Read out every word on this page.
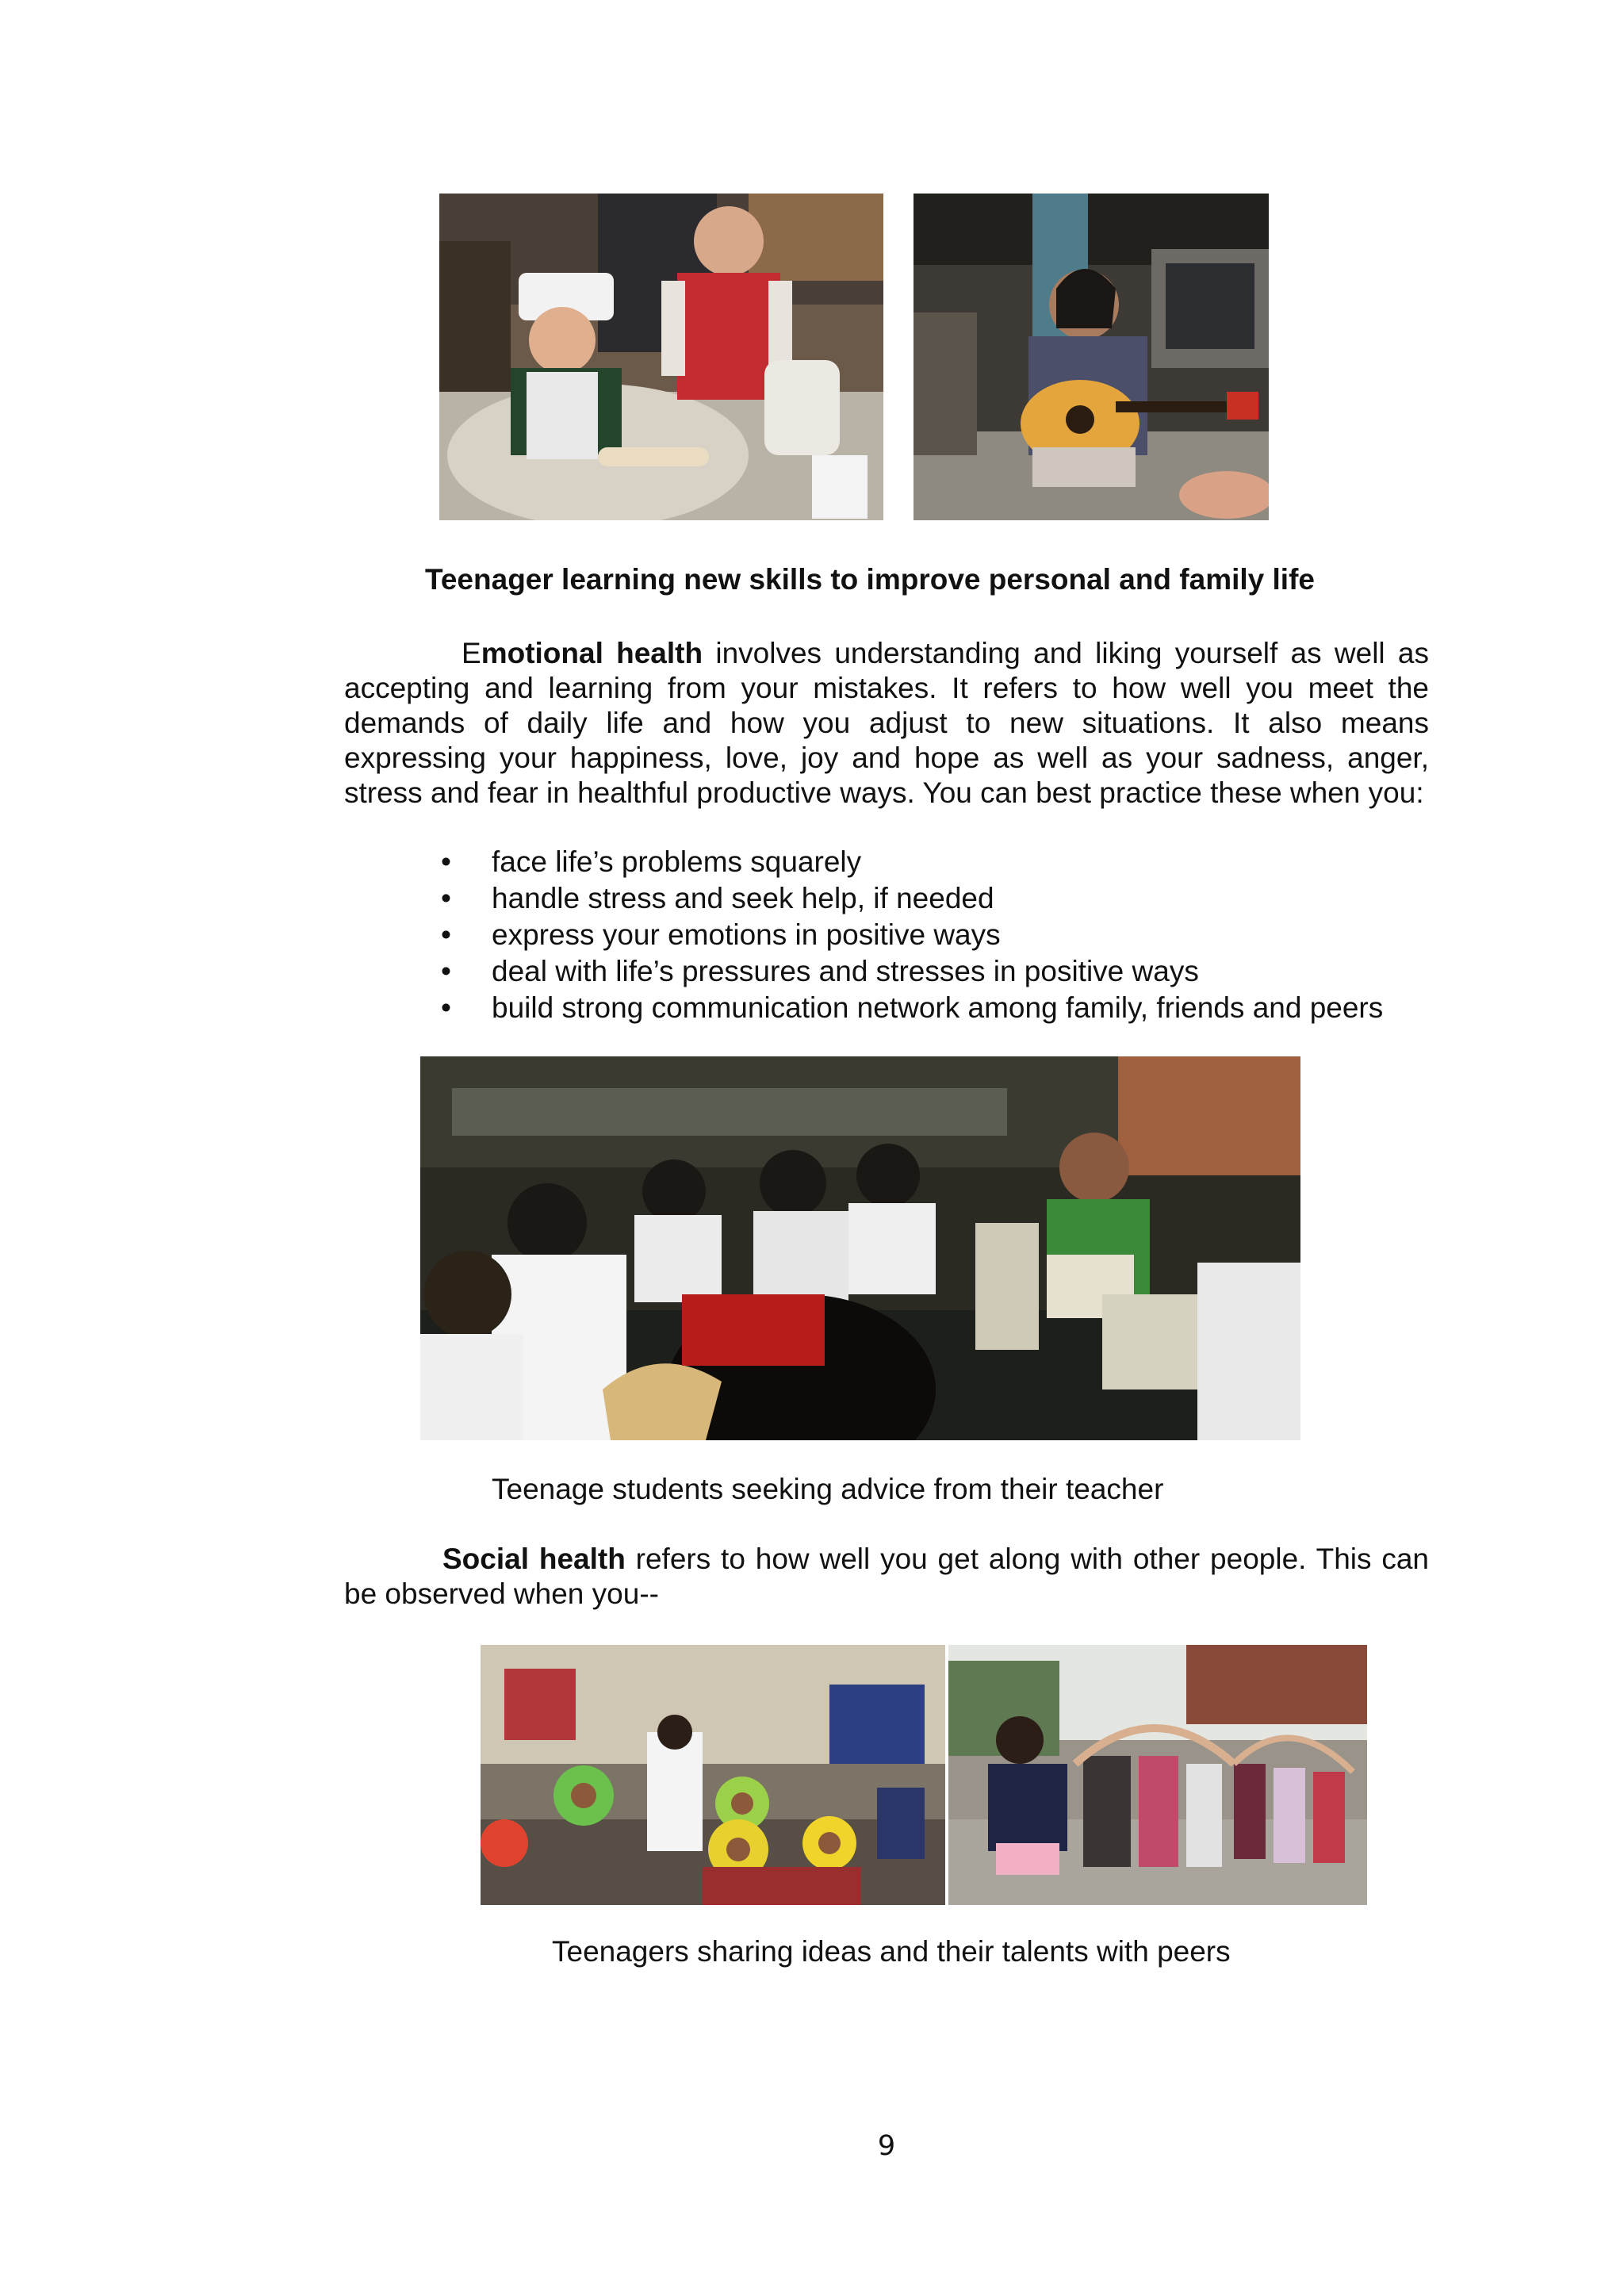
Teenager learning new skills to improve personal and family life
Emotional health involves understanding and liking yourself as well as accepting and learning from your mistakes. It refers to how well you meet the demands of daily life and how you adjust to new situations. It also means expressing your happiness, love, joy and hope as well as your sadness, anger, stress and fear in healthful productive ways. You can best practice these when you:
• face life’s problems squarely
• handle stress and seek help, if needed
• express your emotions in positive ways
• deal with life’s pressures and stresses in positive ways
• build strong communication network among family, friends and peers
Teenage students seeking advice from their teacher
Social health refers to how well you get along with other people. This can be observed when you--
Teenagers sharing ideas and their talents with peers
9
